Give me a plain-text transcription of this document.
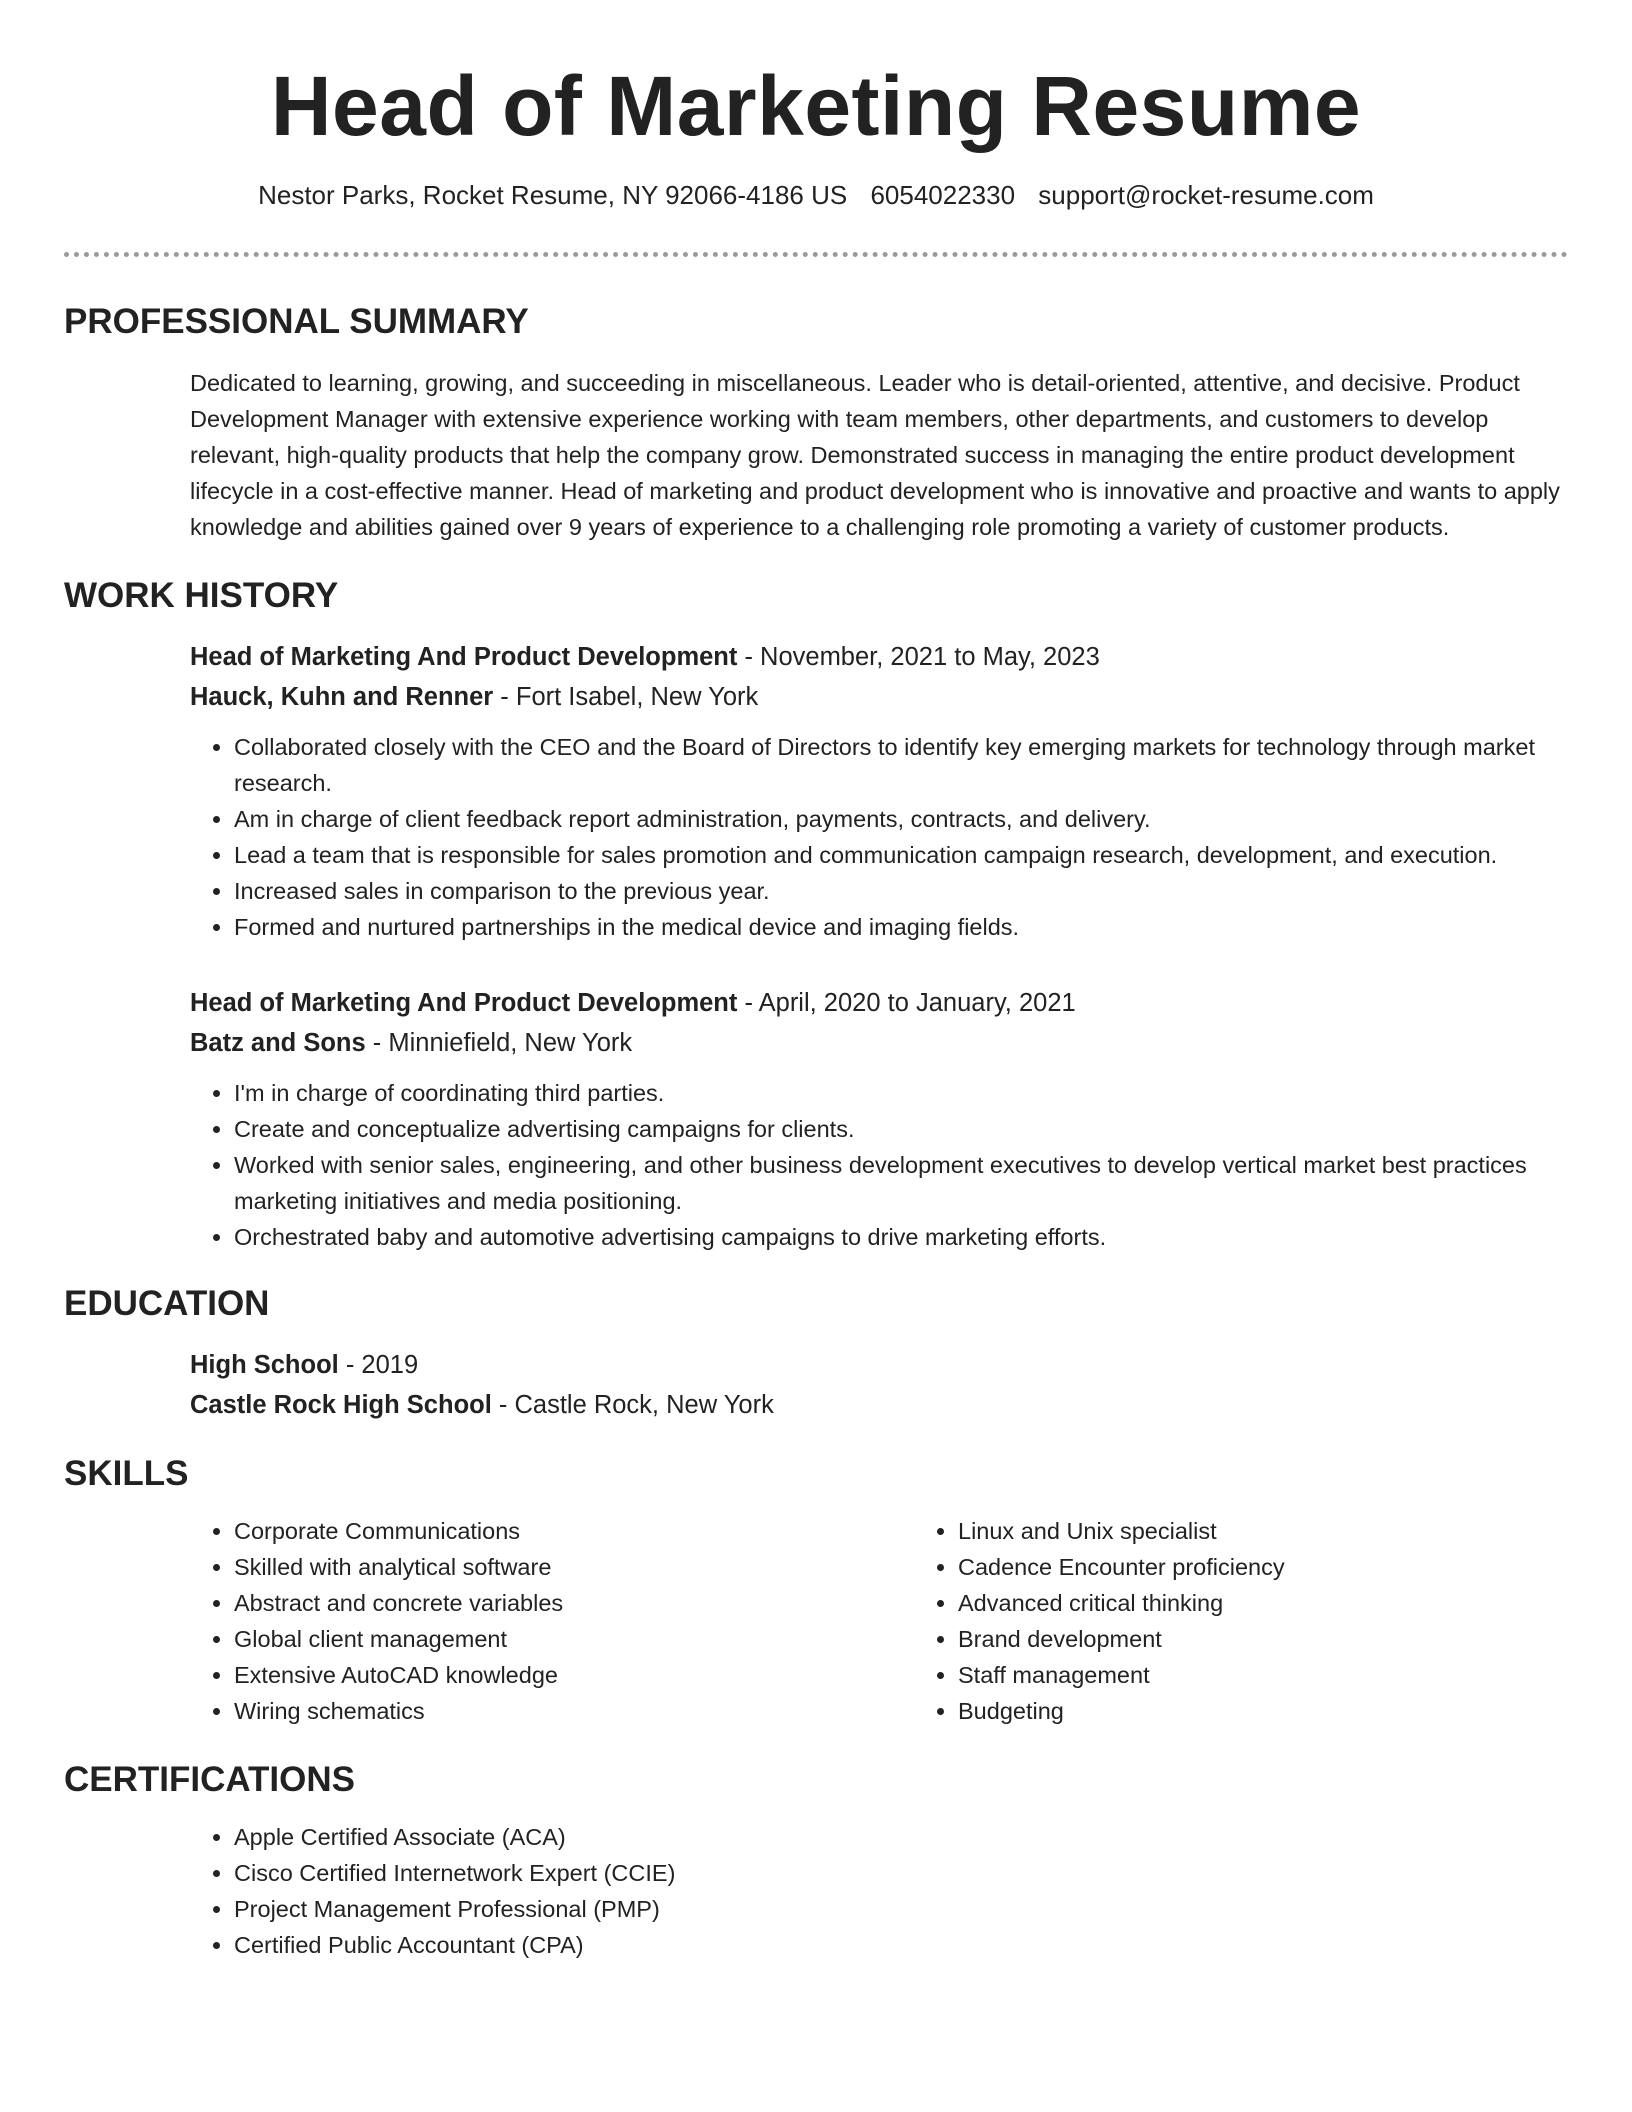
Head of Marketing Resume
Nestor Parks, Rocket Resume, NY 92066-4186 US 6054022330 support@rocket-resume.com
PROFESSIONAL SUMMARY

Dedicated to learning, growing, and succeeding in miscellaneous. Leader who is detail-oriented, attentive, and decisive. Product Development Manager with extensive experience working with team members, other departments, and customers to develop relevant, high-quality products that help the company grow. Demonstrated success in managing the entire product development lifecycle in a cost-effective manner. Head of marketing and product development who is innovative and proactive and wants to apply knowledge and abilities gained over 9 years of experience to a challenging role promoting a variety of customer products.

WORK HISTORY
Head of Marketing And Product Development - November, 2021 to May, 2023
Hauck, Kuhn and Renner - Fort Isabel, New York
• Collaborated closely with the CEO and the Board of Directors to identify key emerging markets for technology through market research.
• Am in charge of client feedback report administration, payments, contracts, and delivery.
• Lead a team that is responsible for sales promotion and communication campaign research, development, and execution.
• Increased sales in comparison to the previous year.
• Formed and nurtured partnerships in the medical device and imaging fields.
Head of Marketing And Product Development - April, 2020 to January, 2021
Batz and Sons - Minniefield, New York
• I'm in charge of coordinating third parties.
• Create and conceptualize advertising campaigns for clients.
• Worked with senior sales, engineering, and other business development executives to develop vertical market best practices marketing initiatives and media positioning.
• Orchestrated baby and automotive advertising campaigns to drive marketing efforts.
EDUCATION
High School - 2019
Castle Rock High School - Castle Rock, New York
SKILLS
• Corporate Communications
• Skilled with analytical software
• Abstract and concrete variables
• Global client management
• Extensive AutoCAD knowledge
• Wiring schematics
• Linux and Unix specialist
• Cadence Encounter proficiency
• Advanced critical thinking
• Brand development
• Staff management
• Budgeting
CERTIFICATIONS
• Apple Certified Associate (ACA)
• Cisco Certified Internetwork Expert (CCIE)
• Project Management Professional (PMP)
• Certified Public Accountant (CPA)
